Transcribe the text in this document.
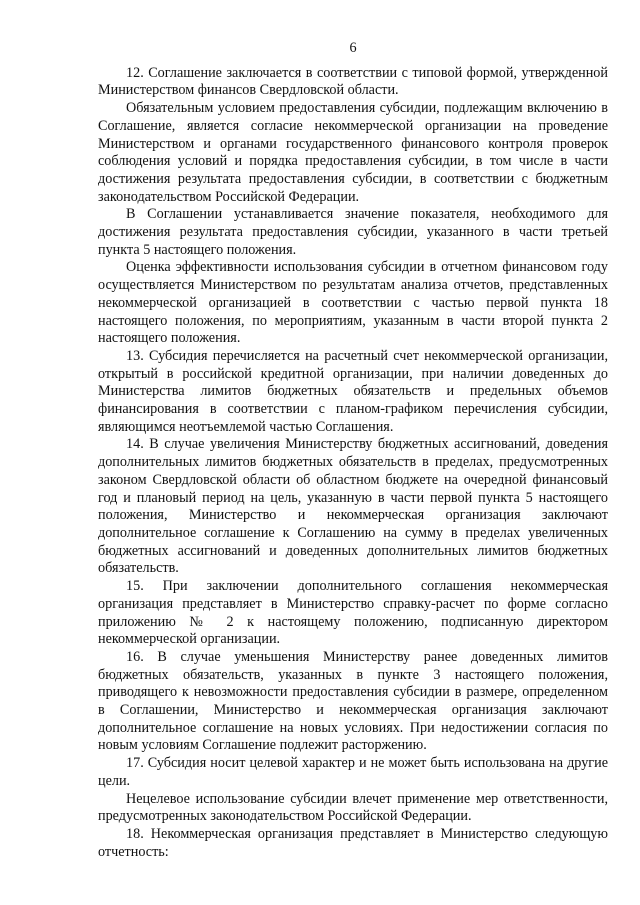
6

12. Соглашение заключается в соответствии с типовой формой, утвержденной Министерством финансов Свердловской области.

Обязательным условием предоставления субсидии, подлежащим включению в Соглашение, является согласие некоммерческой организации на проведение Министерством и органами государственного финансового контроля проверок соблюдения условий и порядка предоставления субсидии, в том числе в части достижения результата предоставления субсидии, в соответствии с бюджетным законодательством Российской Федерации.

В Соглашении устанавливается значение показателя, необходимого для достижения результата предоставления субсидии, указанного в части третьей пункта 5 настоящего положения.

Оценка эффективности использования субсидии в отчетном финансовом году осуществляется Министерством по результатам анализа отчетов, представленных некоммерческой организацией в соответствии с частью первой пункта 18 настоящего положения, по мероприятиям, указанным в части второй пункта 2 настоящего положения.

13. Субсидия перечисляется на расчетный счет некоммерческой организации, открытый в российской кредитной организации, при наличии доведенных до Министерства лимитов бюджетных обязательств и предельных объемов финансирования в соответствии с планом-графиком перечисления субсидии, являющимся неотъемлемой частью Соглашения.

14. В случае увеличения Министерству бюджетных ассигнований, доведения дополнительных лимитов бюджетных обязательств в пределах, предусмотренных законом Свердловской области об областном бюджете на очередной финансовый год и плановый период на цель, указанную в части первой пункта 5 настоящего положения, Министерство и некоммерческая организация заключают дополнительное соглашение к Соглашению на сумму в пределах увеличенных бюджетных ассигнований и доведенных дополнительных лимитов бюджетных обязательств.

15. При заключении дополнительного соглашения некоммерческая организация представляет в Министерство справку-расчет по форме согласно приложению № 2 к настоящему положению, подписанную директором некоммерческой организации.

16. В случае уменьшения Министерству ранее доведенных лимитов бюджетных обязательств, указанных в пункте 3 настоящего положения, приводящего к невозможности предоставления субсидии в размере, определенном в Соглашении, Министерство и некоммерческая организация заключают дополнительное соглашение на новых условиях. При недостижении согласия по новым условиям Соглашение подлежит расторжению.

17. Субсидия носит целевой характер и не может быть использована на другие цели.

Нецелевое использование субсидии влечет применение мер ответственности, предусмотренных законодательством Российской Федерации.

18. Некоммерческая организация представляет в Министерство следующую отчетность:
